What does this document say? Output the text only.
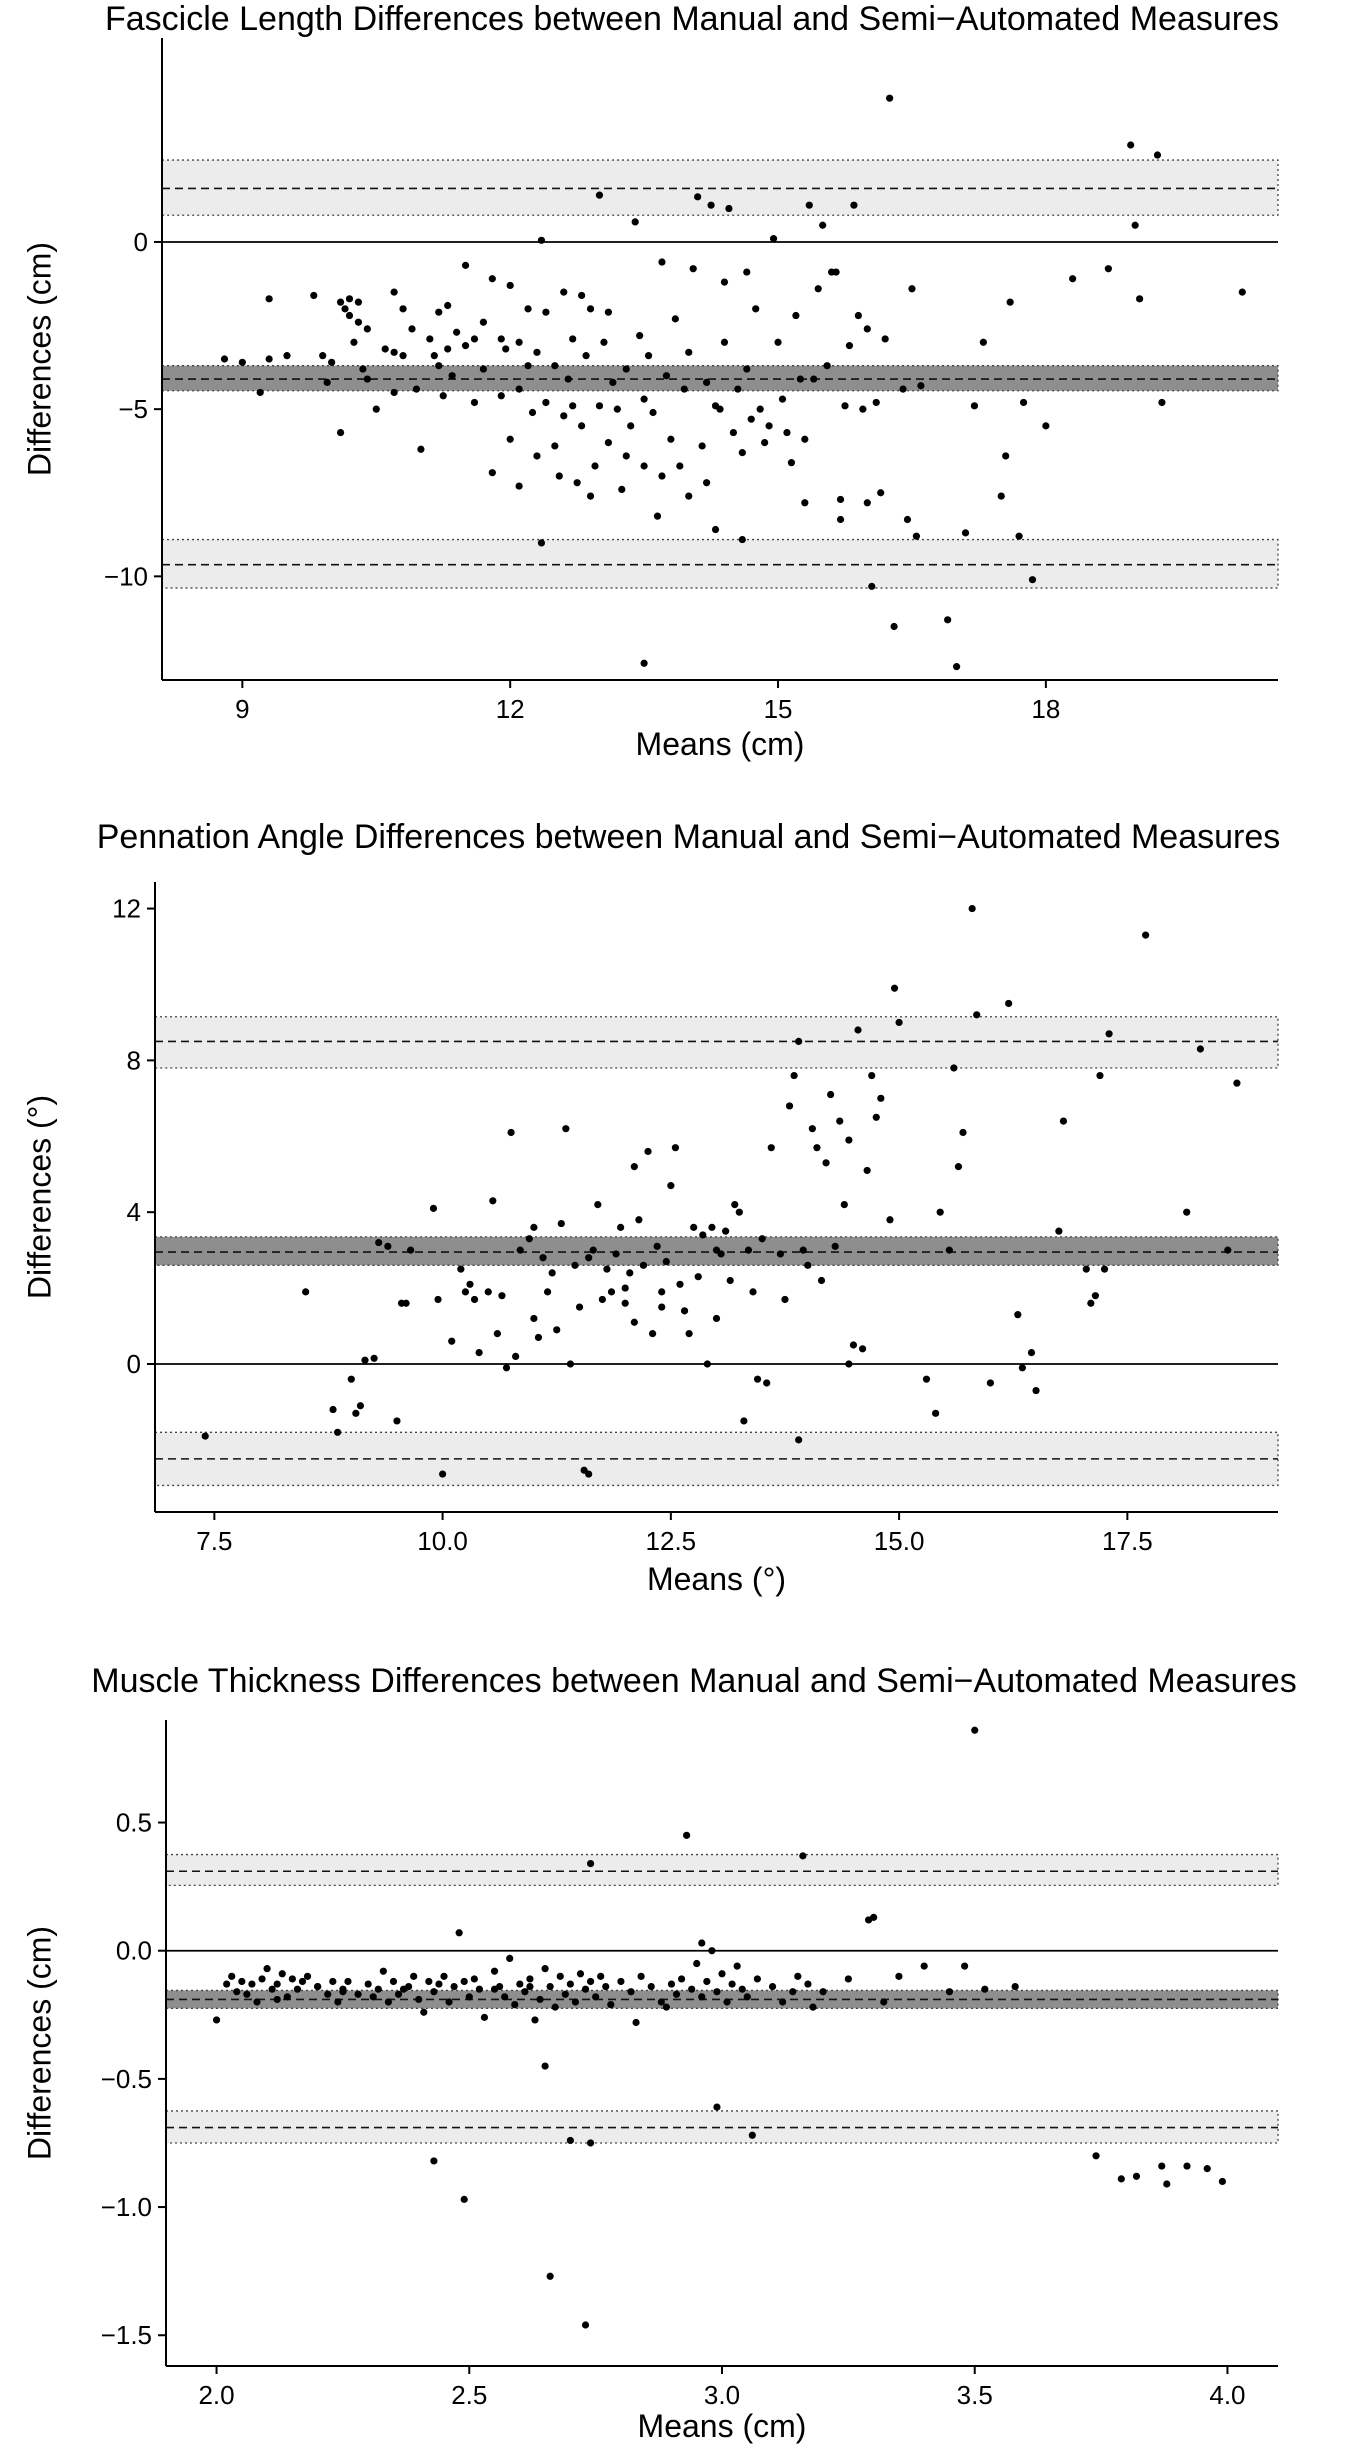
Fascicle Length Differences between Manual and Semi−Automated Measures
9	12	15	18
−10
−5
0
Means (cm)
Differences (cm)
Pennation Angle Differences between Manual and Semi−Automated Measures
7.5	10.0	12.5	15.0	17.5
0
4
8
12
Means (°)
Differences (°)
Muscle Thickness Differences between Manual and Semi−Automated Measures
2.0	2.5	3.0	3.5	4.0
−1.5
−1.0
−0.5
0.0
0.5
Means (cm)
Differences (cm)
